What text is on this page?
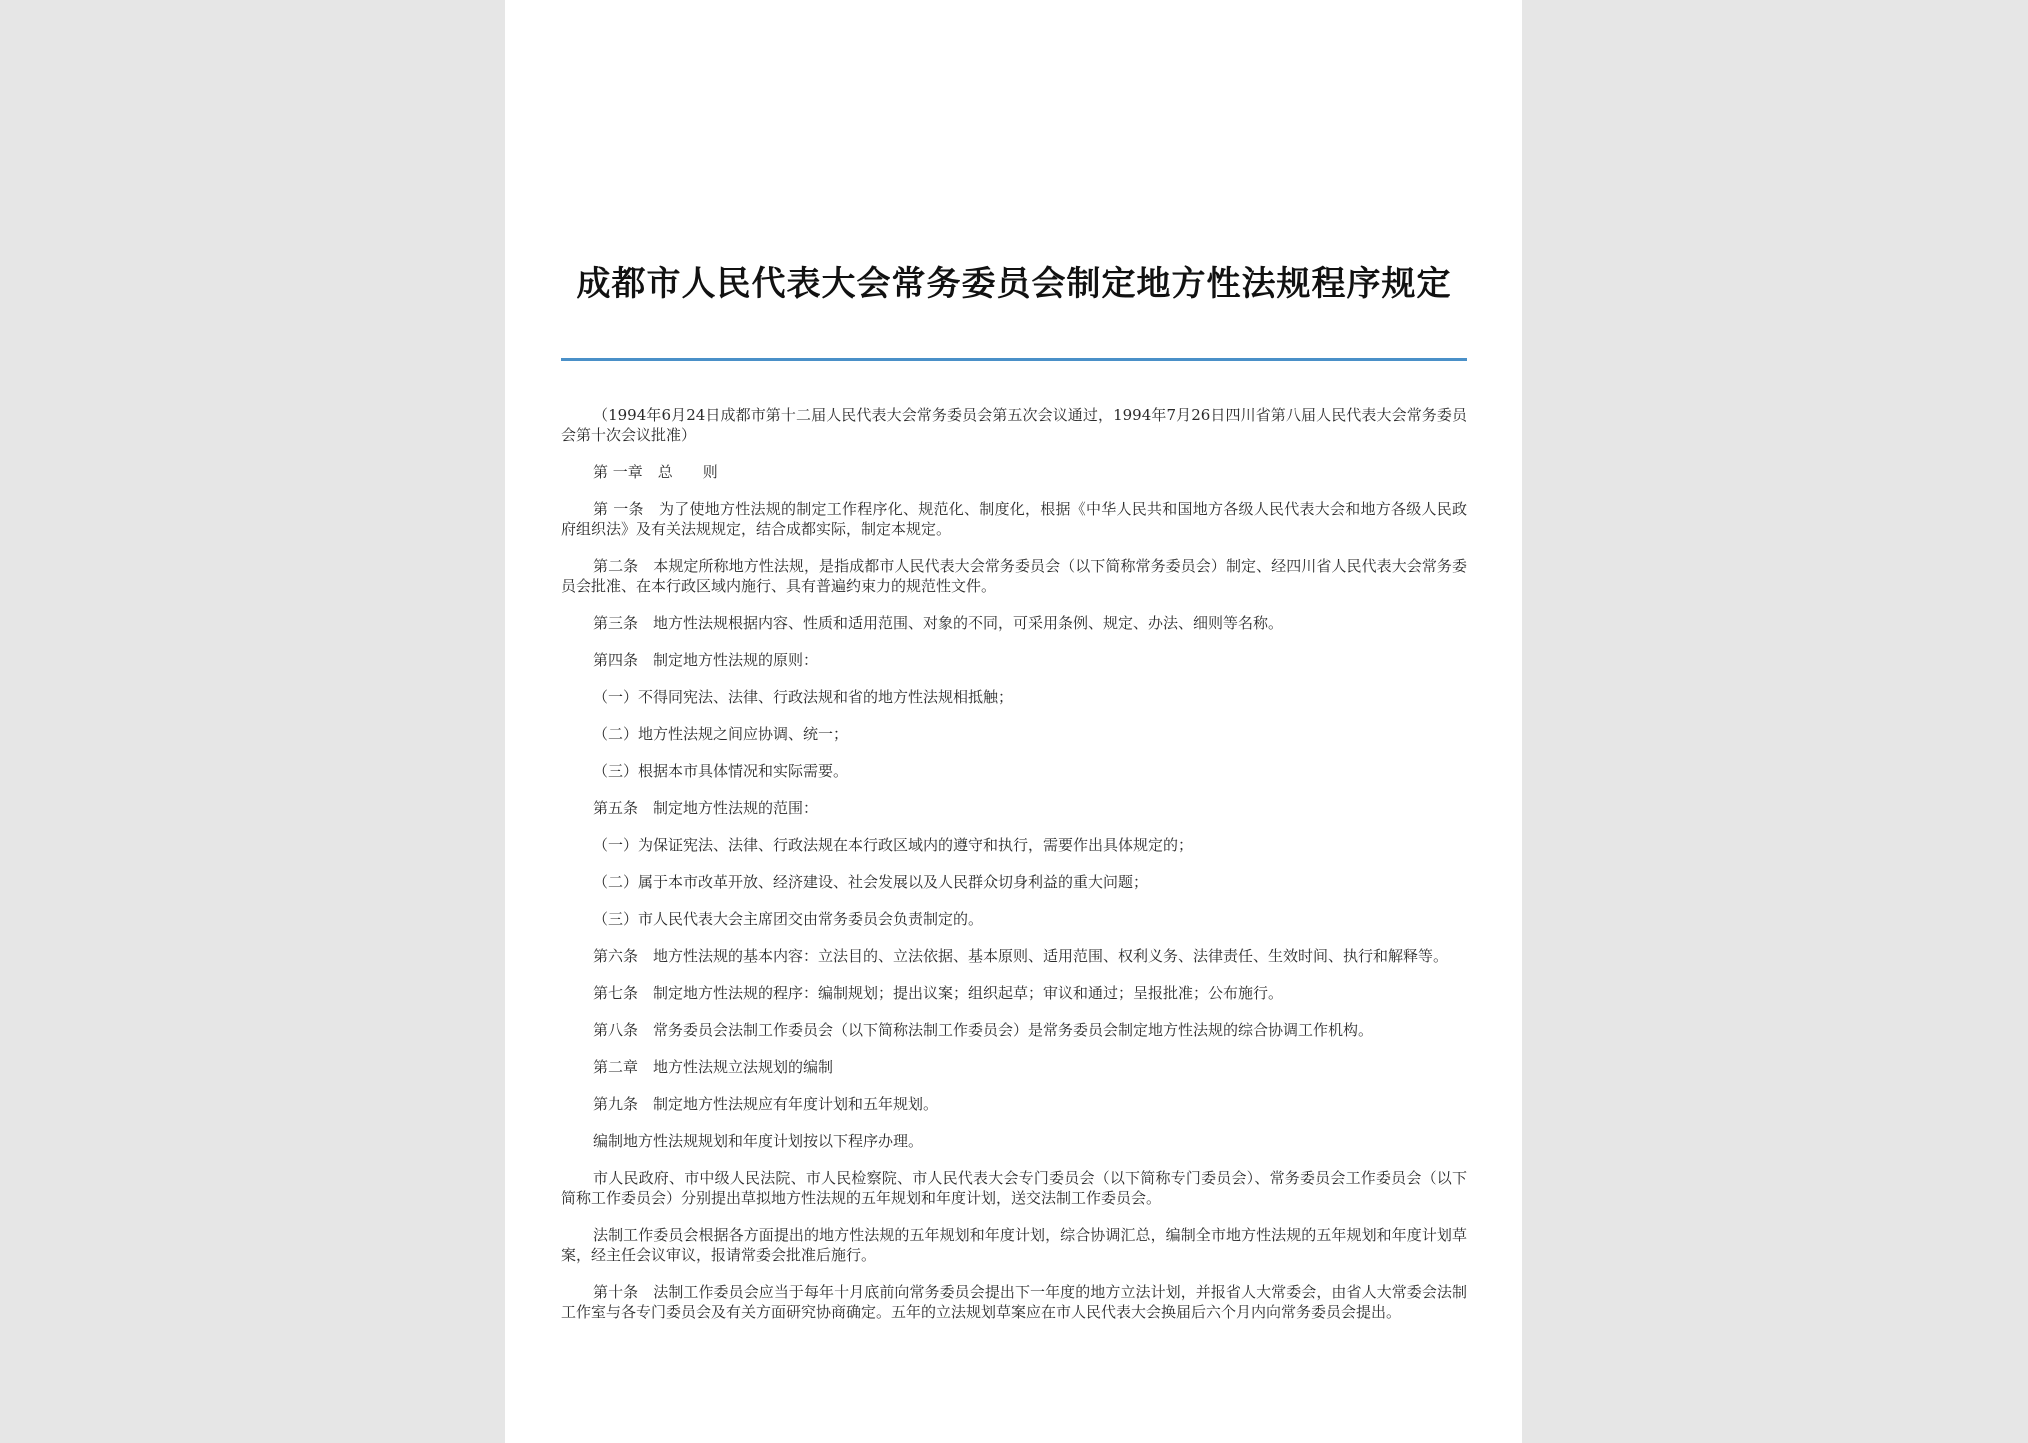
成都市人民代表大会常务委员会制定地方性法规程序规定

（1994年6月24日成都市第十二届人民代表大会常务委员会第五次会议通过，1994年7月26日四川省第八届人民代表大会常务委员会第十次会议批准）

第 一章　总　　则

第 一条　为了使地方性法规的制定工作程序化、规范化、制度化，根据《中华人民共和国地方各级人民代表大会和地方各级人民政府组织法》及有关法规规定，结合成都实际，制定本规定。

第二条　本规定所称地方性法规，是指成都市人民代表大会常务委员会（以下简称常务委员会）制定、经四川省人民代表大会常务委员会批准、在本行政区域内施行、具有普遍约束力的规范性文件。

第三条　地方性法规根据内容、性质和适用范围、对象的不同，可采用条例、规定、办法、细则等名称。

第四条　制定地方性法规的原则：

（一）不得同宪法、法律、行政法规和省的地方性法规相抵触；

（二）地方性法规之间应协调、统一；

（三）根据本市具体情况和实际需要。

第五条　制定地方性法规的范围：

（一）为保证宪法、法律、行政法规在本行政区域内的遵守和执行，需要作出具体规定的；

（二）属于本市改革开放、经济建设、社会发展以及人民群众切身利益的重大问题；

（三）市人民代表大会主席团交由常务委员会负责制定的。

第六条　地方性法规的基本内容：立法目的、立法依据、基本原则、适用范围、权利义务、法律责任、生效时间、执行和解释等。

第七条　制定地方性法规的程序：编制规划；提出议案；组织起草；审议和通过；呈报批准；公布施行。

第八条　常务委员会法制工作委员会（以下简称法制工作委员会）是常务委员会制定地方性法规的综合协调工作机构。

第二章　地方性法规立法规划的编制

第九条　制定地方性法规应有年度计划和五年规划。

编制地方性法规规划和年度计划按以下程序办理。

市人民政府、市中级人民法院、市人民检察院、市人民代表大会专门委员会（以下简称专门委员会）、常务委员会工作委员会（以下简称工作委员会）分别提出草拟地方性法规的五年规划和年度计划，送交法制工作委员会。

法制工作委员会根据各方面提出的地方性法规的五年规划和年度计划，综合协调汇总，编制全市地方性法规的五年规划和年度计划草案，经主任会议审议，报请常委会批准后施行。

第十条　法制工作委员会应当于每年十月底前向常务委员会提出下一年度的地方立法计划，并报省人大常委会，由省人大常委会法制工作室与各专门委员会及有关方面研究协商确定。五年的立法规划草案应在市人民代表大会换届后六个月内向常务委员会提出。
